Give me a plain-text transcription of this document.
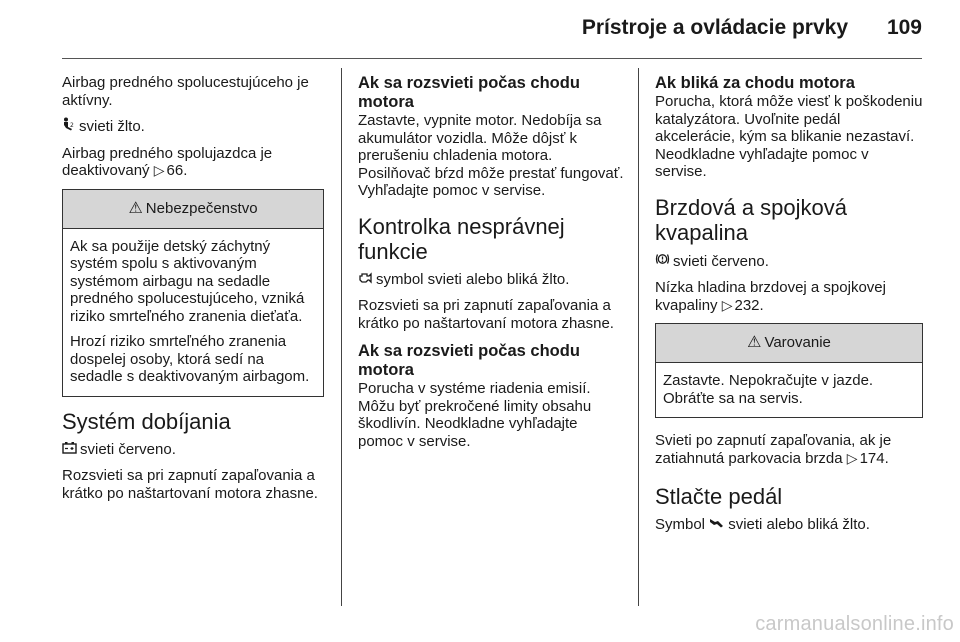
Prístroje a ovládacie prvky 109

Airbag predného spolucestujúceho je aktívny.

2 svieti žlto.

Airbag predného spolujazdca je deaktivovaný ▷ 66.

⚠ Nebezpečenstvo

Ak sa použije detský záchytný systém spolu s aktivovaným systémom airbagu na sedadle predného spolucestujúceho, vzniká riziko smrteľného zranenia dieťaťa.

Hrozí riziko smrteľného zranenia dospelej osoby, ktorá sedí na sedadle s deaktivovaným airbagom.

Systém dobíjania

svieti červeno.

Rozsvieti sa pri zapnutí zapaľovania a krátko po naštartovaní motora zhasne.

Ak sa rozsvieti počas chodu motora

Zastavte, vypnite motor. Nedobíja sa akumulátor vozidla. Môže dôjsť k prerušeniu chladenia motora. Posilňovač bŕzd môže prestať fungovať. Vyhľadajte pomoc v servise.

Kontrolka nesprávnej funkcie

symbol svieti alebo bliká žlto.

Rozsvieti sa pri zapnutí zapaľovania a krátko po naštartovaní motora zhasne.

Ak sa rozsvieti počas chodu motora

Porucha v systéme riadenia emisií. Môžu byť prekročené limity obsahu škodlivín. Neodkladne vyhľadajte pomoc v servise.

Ak bliká za chodu motora

Porucha, ktorá môže viesť k poškodeniu katalyzátora. Uvoľnite pedál akcelerácie, kým sa blikanie nezastaví. Neodkladne vyhľadajte pomoc v servise.

Brzdová a spojková kvapalina

svieti červeno.

Nízka hladina brzdovej a spojkovej kvapaliny ▷ 232.

⚠ Varovanie

Zastavte. Nepokračujte v jazde. Obráťte sa na servis.

Svieti po zapnutí zapaľovania, ak je zatiahnutá parkovacia brzda ▷ 174.

Stlačte pedál

Symbol svieti alebo bliká žlto.

carmanualsonline.info
